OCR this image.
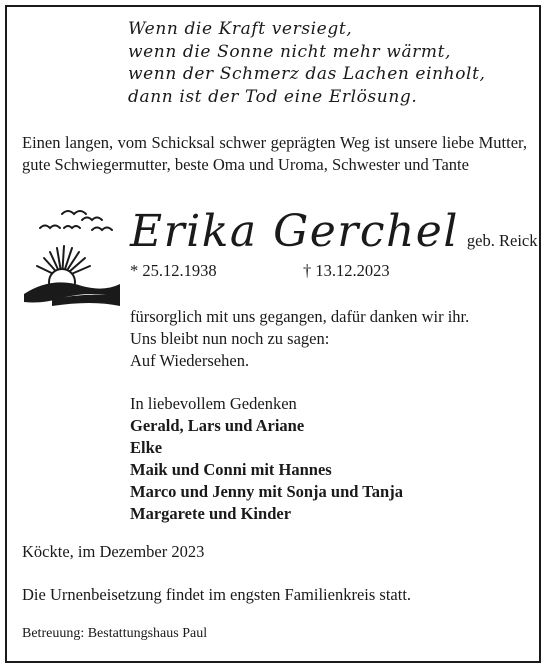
Wenn die Kraft versiegt,
wenn die Sonne nicht mehr wärmt,
wenn der Schmerz das Lachen einholt,
dann ist der Tod eine Erlösung.
Einen langen, vom Schicksal schwer geprägten Weg ist unsere liebe Mutter, gute Schwiegermutter, beste Oma und Uroma, Schwester und Tante
Erika Gerchel geb. Reick
* 25.12.1938	† 13.12.2023
fürsorglich mit uns gegangen, dafür danken wir ihr.
Uns bleibt nun noch zu sagen:
Auf Wiedersehen.
In liebevollem Gedenken
Gerald, Lars und Ariane
Elke
Maik und Conni mit Hannes
Marco und Jenny mit Sonja und Tanja
Margarete und Kinder
Köckte, im Dezember 2023
Die Urnenbeisetzung findet im engsten Familienkreis statt.
Betreuung: Bestattungshaus Paul
